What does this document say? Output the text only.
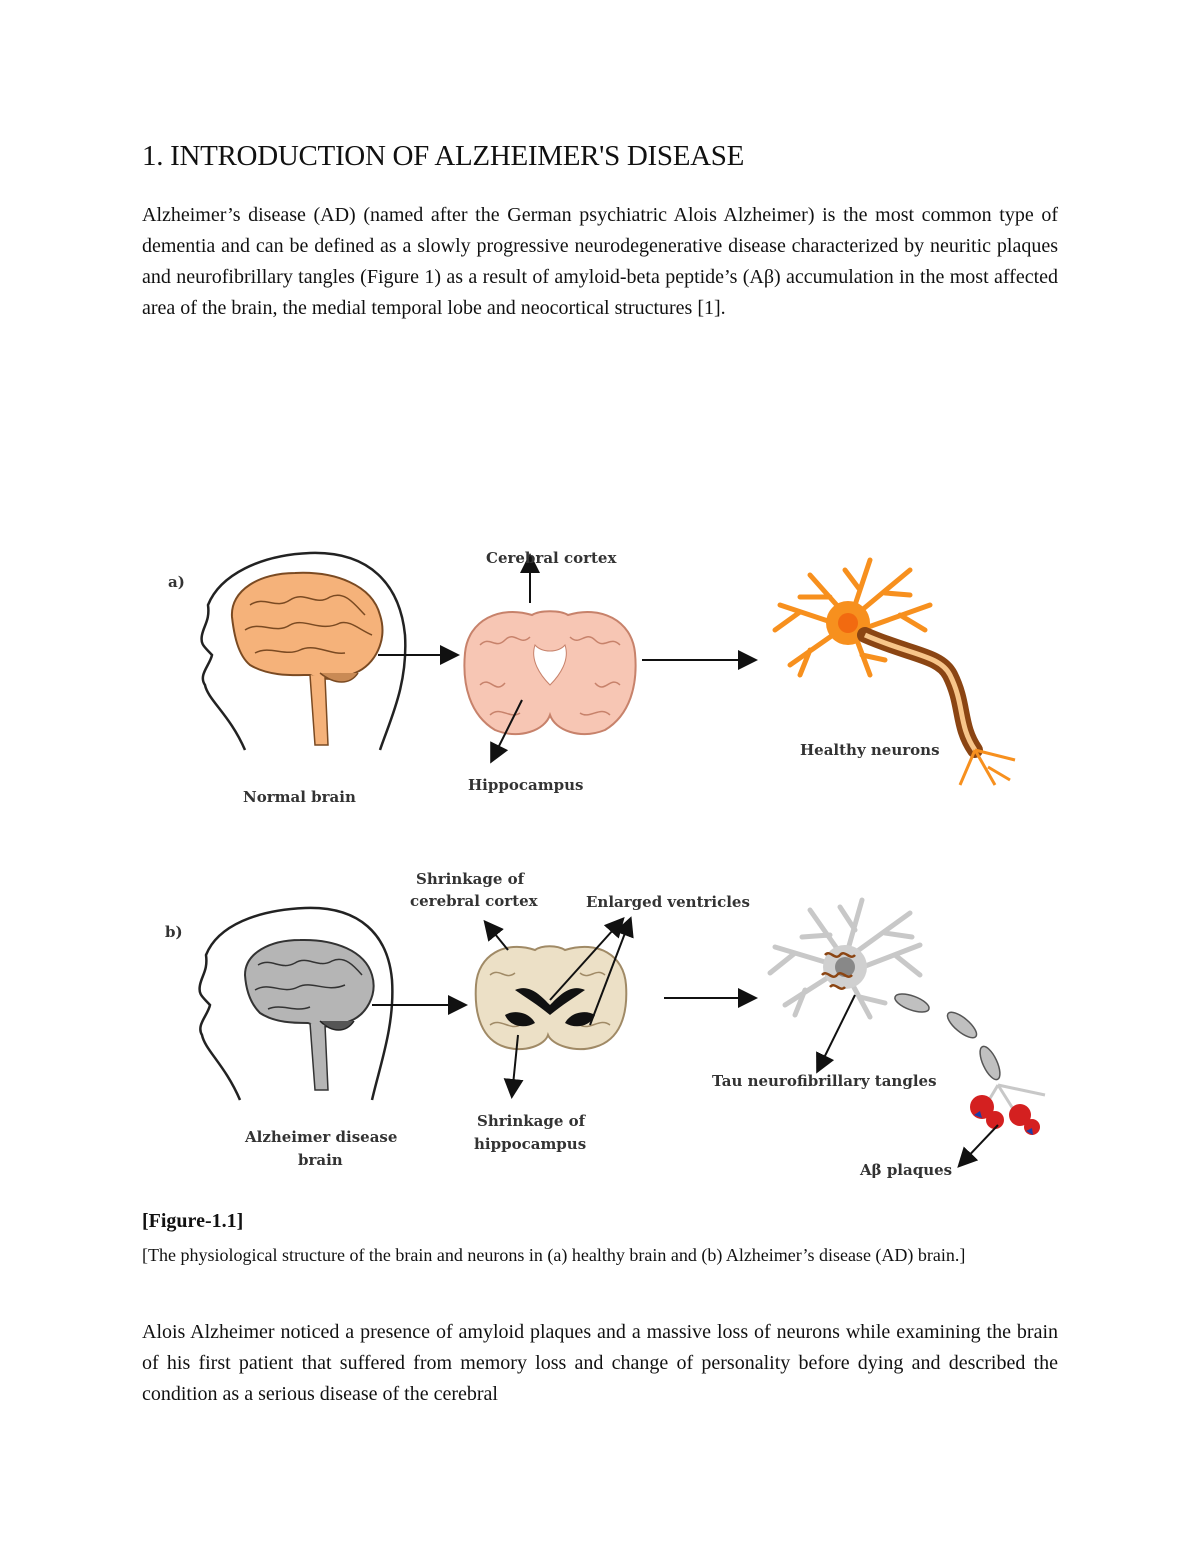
1. INTRODUCTION OF ALZHEIMER'S DISEASE
Alzheimer’s disease (AD) (named after the German psychiatric Alois Alzheimer) is the most common type of dementia and can be defined as a slowly progressive neurodegenerative disease characterized by neuritic plaques and neurofibrillary tangles (Figure 1) as a result of amyloid-beta peptide’s (Aβ) accumulation in the most affected area of the brain, the medial temporal lobe and neocortical structures [1].
a)
Normal brain
Cerebral cortex
Hippocampus
Healthy neurons
b)
Alzheimer disease
brain
Shrinkage of
cerebral cortex	Enlarged ventricles
Shrinkage of
hippocampus
Tau neurofibrillary tangles
Aβ plaques
[Figure-1.1]
[The physiological structure of the brain and neurons in (a) healthy brain and (b) Alzheimer’s disease (AD) brain.]
Alois Alzheimer noticed a presence of amyloid plaques and a massive loss of neurons while examining the brain of his first patient that suffered from memory loss and change of personality before dying and described the condition as a serious disease of the cerebral
